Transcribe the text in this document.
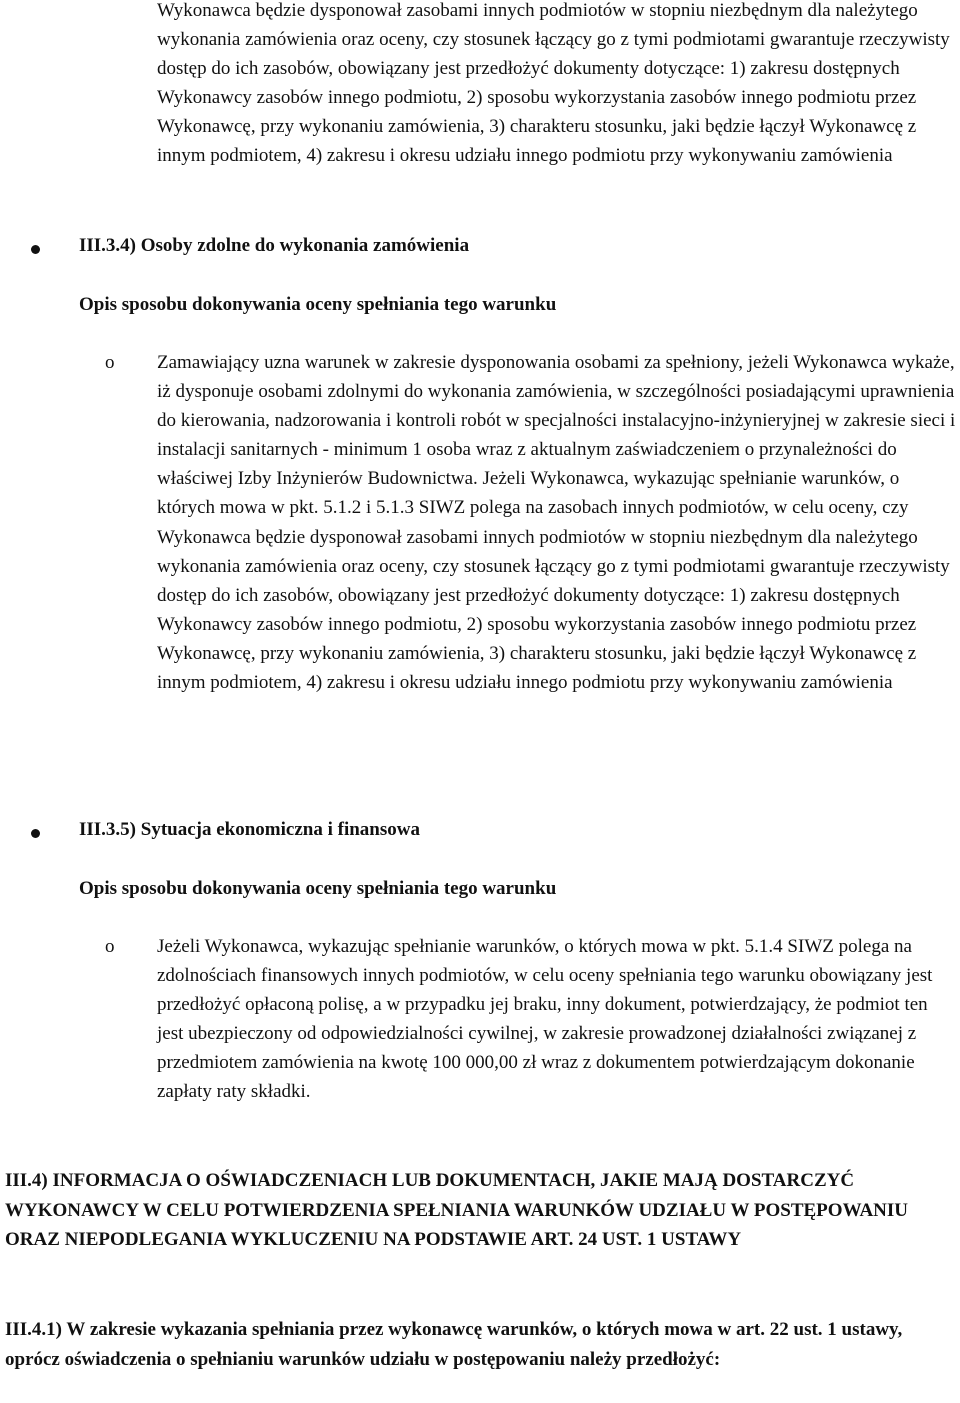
Wykonawca będzie dysponował zasobami innych podmiotów w stopniu niezbędnym dla należytego wykonania zamówienia oraz oceny, czy stosunek łączący go z tymi podmiotami gwarantuje rzeczywisty dostęp do ich zasobów, obowiązany jest przedłożyć dokumenty dotyczące: 1) zakresu dostępnych Wykonawcy zasobów innego podmiotu, 2) sposobu wykorzystania zasobów innego podmiotu przez Wykonawcę, przy wykonaniu zamówienia, 3) charakteru stosunku, jaki będzie łączył Wykonawcę z innym podmiotem, 4) zakresu i okresu udziału innego podmiotu przy wykonywaniu zamówienia

III.3.4) Osoby zdolne do wykonania zamówienia
Opis sposobu dokonywania oceny spełniania tego warunku
o Zamawiający uzna warunek w zakresie dysponowania osobami za spełniony, jeżeli Wykonawca wykaże, iż dysponuje osobami zdolnymi do wykonania zamówienia, w szczególności posiadającymi uprawnienia do kierowania, nadzorowania i kontroli robót w specjalności instalacyjno-inżynieryjnej w zakresie sieci i instalacji sanitarnych - minimum 1 osoba wraz z aktualnym zaświadczeniem o przynależności do właściwej Izby Inżynierów Budownictwa. Jeżeli Wykonawca, wykazując spełnianie warunków, o których mowa w pkt. 5.1.2 i 5.1.3 SIWZ polega na zasobach innych podmiotów, w celu oceny, czy Wykonawca będzie dysponował zasobami innych podmiotów w stopniu niezbędnym dla należytego wykonania zamówienia oraz oceny, czy stosunek łączący go z tymi podmiotami gwarantuje rzeczywisty dostęp do ich zasobów, obowiązany jest przedłożyć dokumenty dotyczące: 1) zakresu dostępnych Wykonawcy zasobów innego podmiotu, 2) sposobu wykorzystania zasobów innego podmiotu przez Wykonawcę, przy wykonaniu zamówienia, 3) charakteru stosunku, jaki będzie łączył Wykonawcę z innym podmiotem, 4) zakresu i okresu udziału innego podmiotu przy wykonywaniu zamówienia
III.3.5) Sytuacja ekonomiczna i finansowa
Opis sposobu dokonywania oceny spełniania tego warunku
o Jeżeli Wykonawca, wykazując spełnianie warunków, o których mowa w pkt. 5.1.4 SIWZ polega na zdolnościach finansowych innych podmiotów, w celu oceny spełniania tego warunku obowiązany jest przedłożyć opłaconą polisę, a w przypadku jej braku, inny dokument, potwierdzający, że podmiot ten jest ubezpieczony od odpowiedzialności cywilnej, w zakresie prowadzonej działalności związanej z przedmiotem zamówienia na kwotę 100 000,00 zł wraz z dokumentem potwierdzającym dokonanie zapłaty raty składki.
III.4) INFORMACJA O OŚWIADCZENIACH LUB DOKUMENTACH, JAKIE MAJĄ DOSTARCZYĆ WYKONAWCY W CELU POTWIERDZENIA SPEŁNIANIA WARUNKÓW UDZIAŁU W POSTĘPOWANIU ORAZ NIEPODLEGANIA WYKLUCZENIU NA PODSTAWIE ART. 24 UST. 1 USTAWY
III.4.1) W zakresie wykazania spełniania przez wykonawcę warunków, o których mowa w art. 22 ust. 1 ustawy, oprócz oświadczenia o spełnianiu warunków udziału w postępowaniu należy przedłożyć:
